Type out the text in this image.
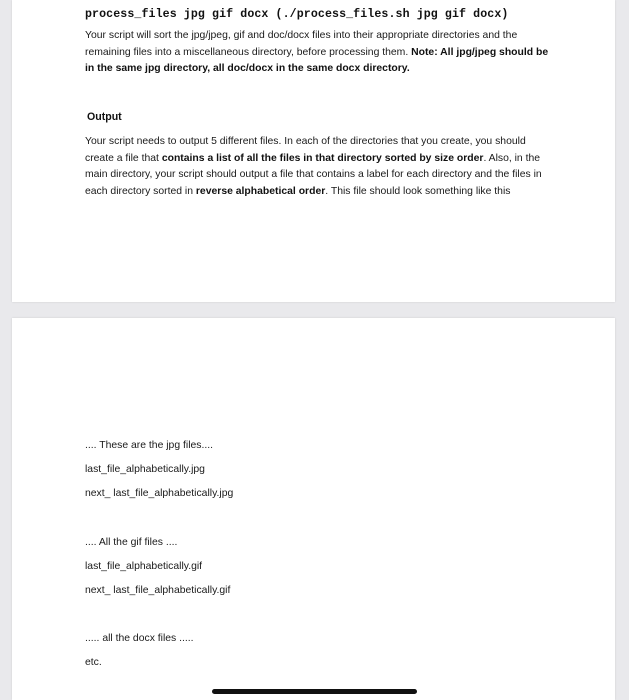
process_files jpg gif docx (./process_files.sh jpg gif docx)
Your script will sort the jpg/jpeg, gif and doc/docx files into their appropriate directories and the remaining files into a miscellaneous directory, before processing them. Note: All jpg/jpeg should be in the same jpg directory, all doc/docx in the same docx directory.
Output
Your script needs to output 5 different files. In each of the directories that you create, you should create a file that contains a list of all the files in that directory sorted by size order. Also, in the main directory, your script should output a file that contains a label for each directory and the files in each directory sorted in reverse alphabetical order. This file should look something like this
.... These are the jpg files....
last_file_alphabetically.jpg
next_ last_file_alphabetically.jpg
.... All the gif files ....
last_file_alphabetically.gif
next_ last_file_alphabetically.gif
..... all the docx files .....
etc.
